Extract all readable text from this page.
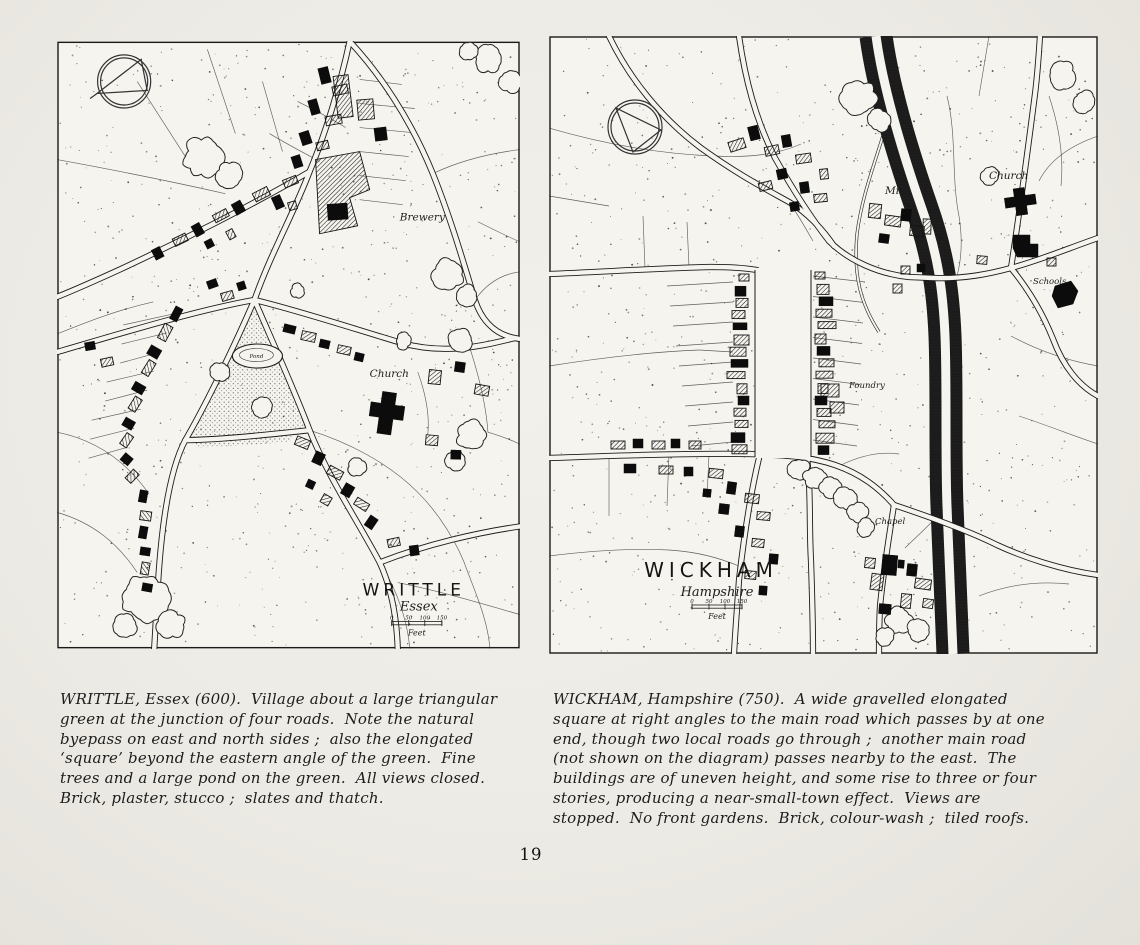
Pond
Brewery
Church
WRITTLE
Essex
0 50 100 150
Feet
Mill
Church
Schools
Foundry
Chapel
WICKHAM
Hampshire
0 50 100 150
Feet
WRITTLE, Essex (600).  Village about a large triangular green at the junction of four roads.  Note the natural byepass on east and north sides ;  also the elongated ‘square’ beyond the eastern angle of the green.  Fine trees and a large pond on the green.  All views closed.  Brick, plaster, stucco ;  slates and thatch.
WICKHAM, Hampshire (750).  A wide gravelled elongated square at right angles to the main road which passes by at one end, though two local roads go through ;  another main road (not shown on the diagram) passes nearby to the east.  The buildings are of uneven height, and some rise to three or four stories, producing a near-small-town effect.  Views are stopped.  No front gardens.  Brick, colour-wash ;  tiled roofs.
19
